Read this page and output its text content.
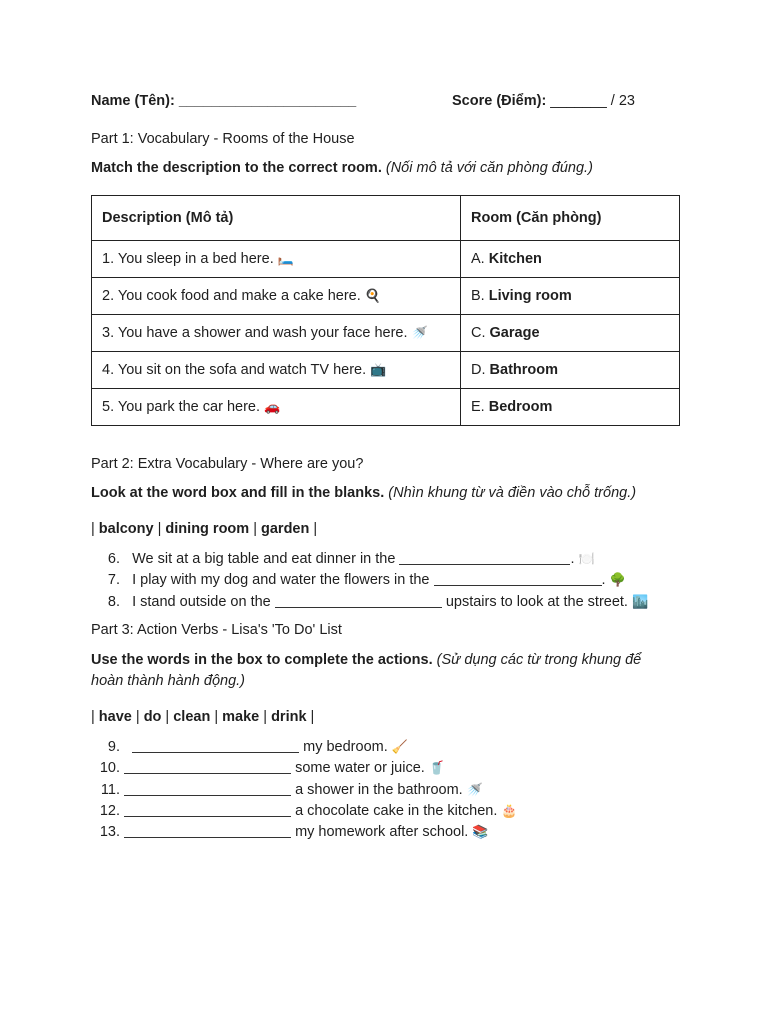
Name (Tên): ______________________	Score (Điểm): _______ / 23
Part 1: Vocabulary - Rooms of the House
Match the description to the correct room. (Nối mô tả với căn phòng đúng.)
Description (Mô tả)	Room (Căn phòng)
1. You sleep in a bed here. 🛏️	A. Kitchen
2. You cook food and make a cake here. 🍳	B. Living room
3. You have a shower and wash your face here. 🚿	C. Garage
4. You sit on the sofa and watch TV here. 📺	D. Bathroom
5. You park the car here. 🚗	E. Bedroom
Part 2: Extra Vocabulary - Where are you?
Look at the word box and fill in the blanks. (Nhìn khung từ và điền vào chỗ trống.)
| balcony | dining room | garden |
6. We sit at a big table and eat dinner in the	. 🍽️
7. I play with my dog and water the flowers in the	. 🌳
8. I stand outside on the	upstairs to look at the street. 🏙️
Part 3: Action Verbs - Lisa's 'To Do' List
Use the words in the box to complete the actions. (Sử dụng các từ trong khung để hoàn thành hành động.)
| have | do | clean | make | drink |
9.	my bedroom. 🧹
10.	some water or juice. 🥤
11.	a shower in the bathroom. 🚿
12.	a chocolate cake in the kitchen. 🎂
13.	my homework after school. 📚
